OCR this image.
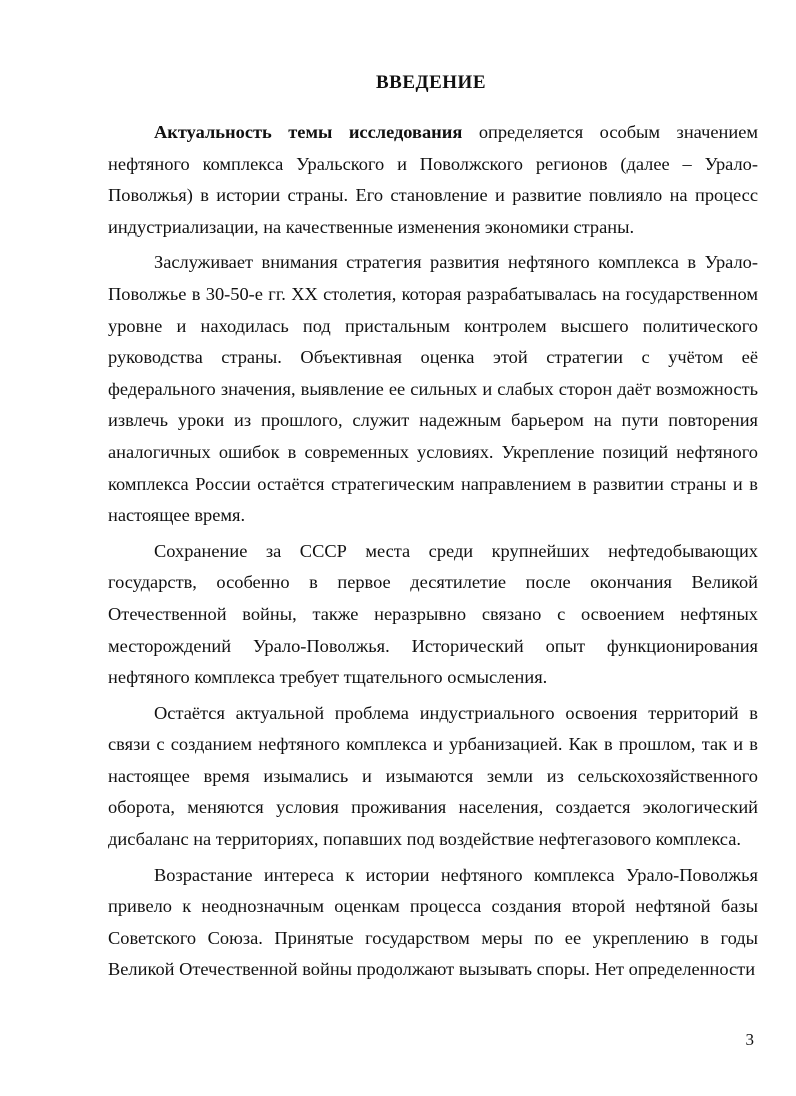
ВВЕДЕНИЕ

Актуальность темы исследования определяется особым значением нефтяного комплекса Уральского и Поволжского регионов (далее – Урало-Поволжья) в истории страны. Его становление и развитие повлияло на процесс индустриализации, на качественные изменения экономики страны.

Заслуживает внимания стратегия развития нефтяного комплекса в Урало-Поволжье в 30-50-е гг. XX столетия, которая разрабатывалась на государственном уровне и находилась под пристальным контролем высшего политического руководства страны. Объективная оценка этой стратегии с учётом её федерального значения, выявление ее сильных и слабых сторон даёт возможность извлечь уроки из прошлого, служит надежным барьером на пути повторения аналогичных ошибок в современных условиях. Укрепление позиций нефтяного комплекса России остаётся стратегическим направлением в развитии страны и в настоящее время.

Сохранение за СССР места среди крупнейших нефтедобывающих государств, особенно в первое десятилетие после окончания Великой Отечественной войны, также неразрывно связано с освоением нефтяных месторождений Урало-Поволжья. Исторический опыт функционирования нефтяного комплекса требует тщательного осмысления.

Остаётся актуальной проблема индустриального освоения территорий в связи с созданием нефтяного комплекса и урбанизацией. Как в прошлом, так и в настоящее время изымались и изымаются земли из сельскохозяйственного оборота, меняются условия проживания населения, создается экологический дисбаланс на территориях, попавших под воздействие нефтегазового комплекса.

Возрастание интереса к истории нефтяного комплекса Урало-Поволжья привело к неоднозначным оценкам процесса создания второй нефтяной базы Советского Союза. Принятые государством меры по ее укреплению в годы Великой Отечественной войны продолжают вызывать споры. Нет определенности

3
